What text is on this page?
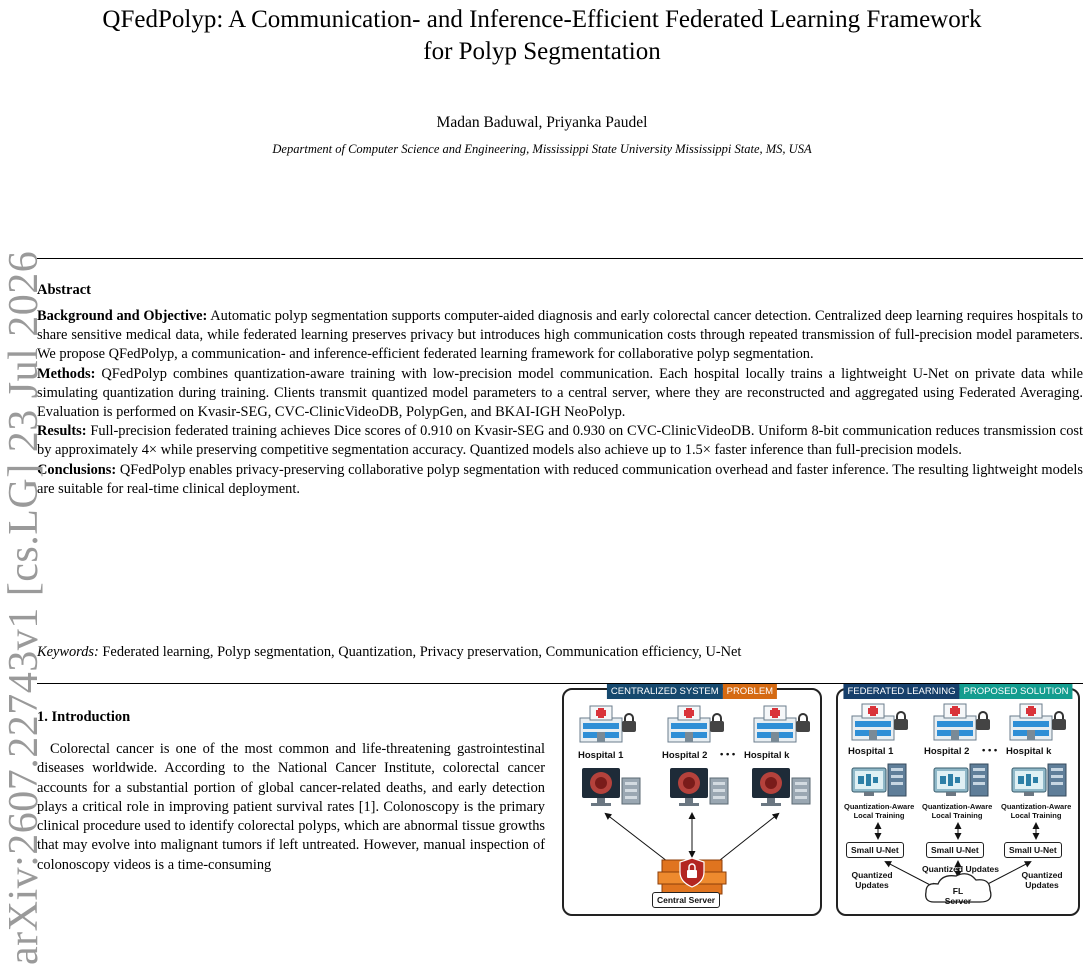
QFedPolyp: A Communication- and Inference-Efficient Federated Learning Framework
for Polyp Segmentation
Madan Baduwal, Priyanka Paudel
Department of Computer Science and Engineering, Mississippi State University Mississippi State, MS, USA
Abstract

Background and Objective: Automatic polyp segmentation supports computer-aided diagnosis and early colorectal cancer detection. Centralized deep learning requires hospitals to share sensitive medical data, while federated learning preserves privacy but introduces high communication costs through repeated transmission of full-precision model parameters. We propose QFedPolyp, a communication- and inference-efficient federated learning framework for collaborative polyp segmentation.

Methods: QFedPolyp combines quantization-aware training with low-precision model communication. Each hospital locally trains a lightweight U-Net on private data while simulating quantization during training. Clients transmit quantized model parameters to a central server, where they are reconstructed and aggregated using Federated Averaging. Evaluation is performed on Kvasir-SEG, CVC-ClinicVideoDB, PolypGen, and BKAI-IGH NeoPolyp.

Results: Full-precision federated training achieves Dice scores of 0.910 on Kvasir-SEG and 0.930 on CVC-ClinicVideoDB. Uniform 8-bit communication reduces transmission cost by approximately 4× while preserving competitive segmentation accuracy. Quantized models also achieve up to 1.5× faster inference than full-precision models.

Conclusions: QFedPolyp enables privacy-preserving collaborative polyp segmentation with reduced communication overhead and faster inference. The resulting lightweight models are suitable for real-time clinical deployment.

Keywords: Federated learning, Polyp segmentation, Quantization, Privacy preservation, Communication efficiency, U-Net
arXiv:2607.22743v1 [cs.LG] 23 Jul 2026
1. Introduction

Colorectal cancer is one of the most common and life-threatening gastrointestinal diseases worldwide. According to the National Cancer Institute, colorectal cancer accounts for a substantial portion of global cancer-related deaths, and early detection plays a critical role in improving patient survival rates [1]. Colonoscopy is the primary clinical procedure used to identify colorectal polyps, which are abnormal tissue growths that may evolve into malignant tumors if left untreated. However, manual inspection of colonoscopy videos is a time-consuming

CENTRALIZED SYSTEM PROBLEM
Hospital 1	Hospital 2 • • • Hospital k
Central Server
FEDERATED LEARNING PROPOSED SOLUTION
Hospital 1	Hospital 2 • • • Hospital k
Quantization-Aware
Local Training
Quantization-Aware
Local Training
Quantization-Aware
Local Training
Small U-Net	Small U-Net	Small U-Net
Quantized
Updates
Quantized Updates
Quantized
Updates
FL
Server
